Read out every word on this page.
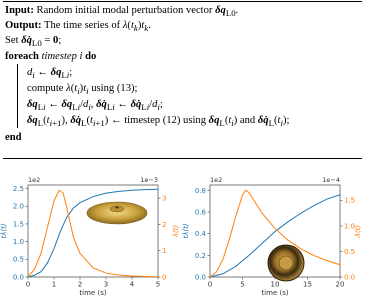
Input: Random initial modal perturbation vector $\delta q_{L0}$.
Output: The time series of $\lambda(t_k)t_k$.
Set $\delta q̇_{L0} = 0$;
foreach timestep i do
$d_i$ ← $\delta q_{Li}$;
compute $\lambda(t_i)t_i$ using (13);
$\delta q_{Li}$ ← $\delta q_{Li}/d_i$, $\delta q̇_{Li}$ ← $\delta q̇_{Li}/d_i$;
$\delta q_L(t_{i+1})$, $\delta q̇_L(t_{i+1})$ ← timestep (12) using $\delta q_L(t_i)$ and $\delta q̇_L(t_i)$;
end
1e2	1e−3
0	1	2	3	4	5
0.0
0.5
1.0
1.5
2.0
2.5
0
1
2
3
time (s)
tλ(t)	λ(t)
1e2	1e−4
0	5	10	15	20
0.0
0.2
0.4
0.6
0.8
0.0
0.5
1.0
1.5
time (s)
tλ(t)	λ(t)
